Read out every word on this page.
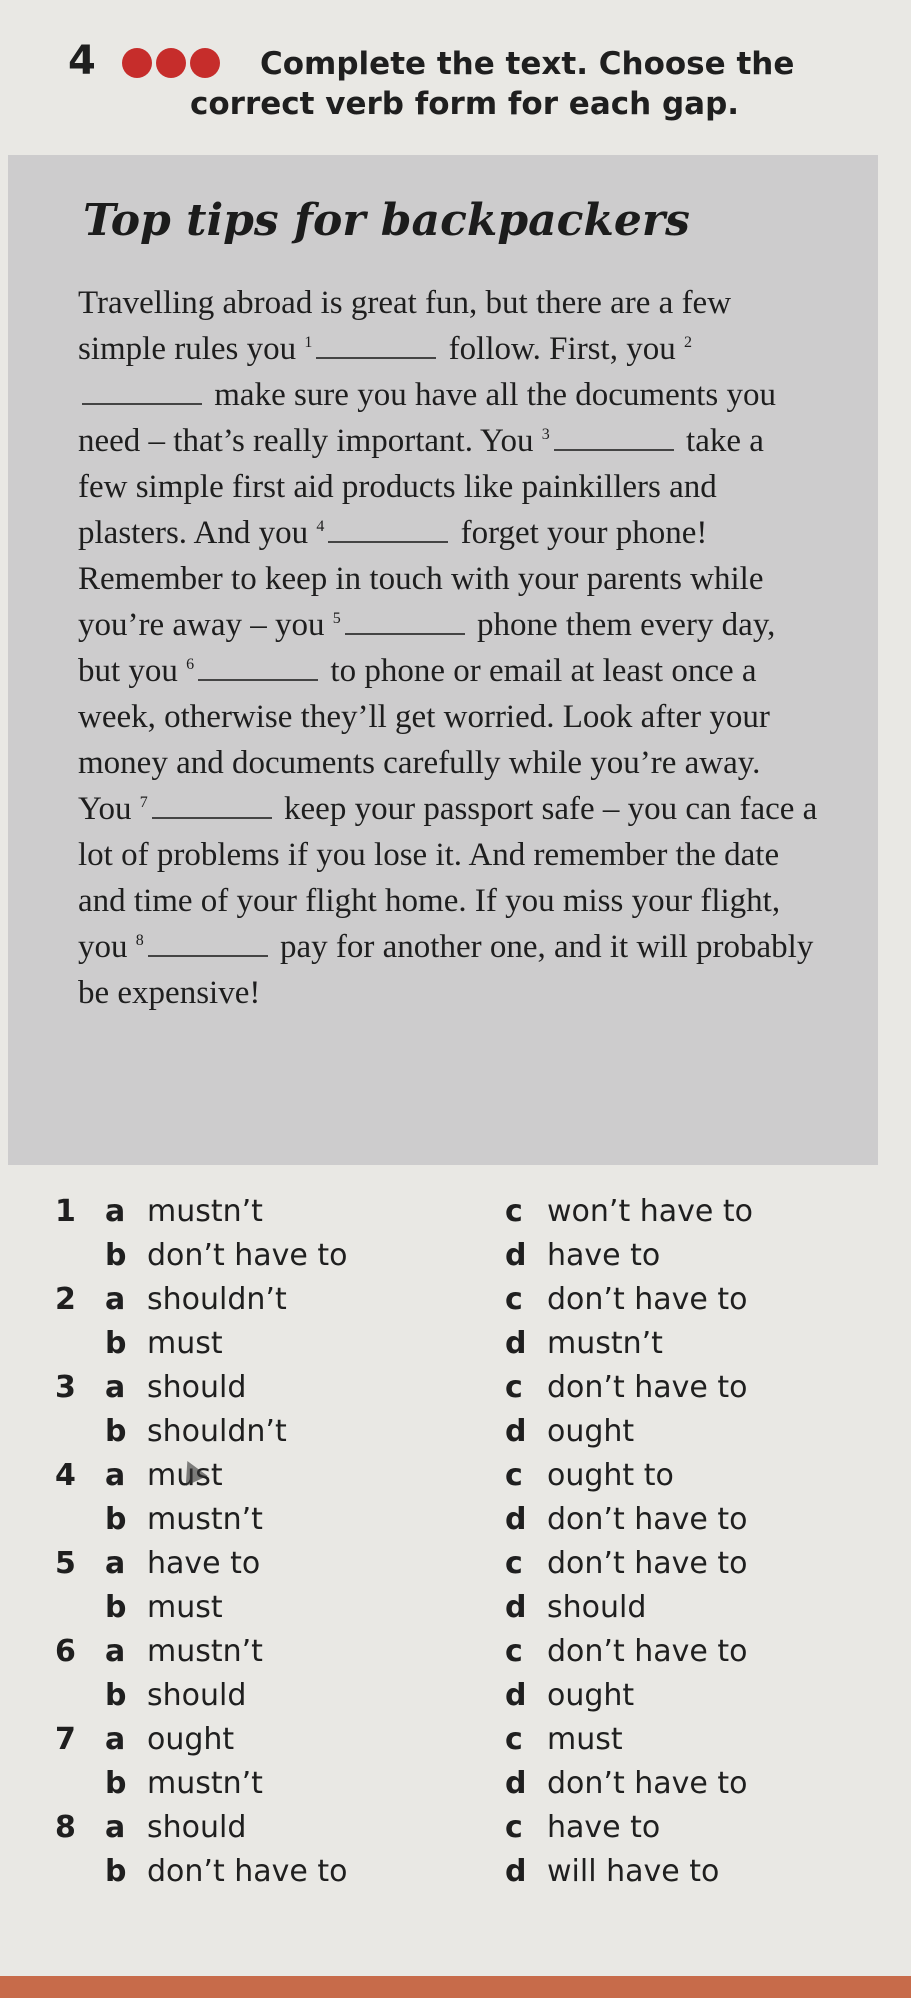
4	Complete the text. Choose the
correct verb form for each gap.
Top tips for backpackers
Travelling abroad is great fun, but there are a few simple rules you $^1$	follow. First, you $^2$ make sure you have all the documents you need – that’s really important. You $^3$	take a few simple first aid products like painkillers and plasters. And you $^4$	forget your phone! Remember to keep in touch with your parents while you’re away – you $^5$	phone them every day, but you $^6$	to phone or email at least once a week, otherwise they’ll get worried. Look after your money and documents carefully while you’re away. You $^7$	keep your passport safe – you can face a lot of problems if you lose it. And remember the date and time of your flight home. If you miss your flight, you $^8$	pay for another one, and it will probably be expensive!
1 a mustn’t	c won’t have to
b don’t have to	d have to
2 a shouldn’t	c don’t have to
b must	d mustn’t
3 a should	c don’t have to
b shouldn’t	d ought
4 a must	c ought to
b mustn’t	d don’t have to
5 a have to	c don’t have to
b must	d should
6 a mustn’t	c don’t have to
b should	d ought
7 a ought	c must
b mustn’t	d don’t have to
8 a should	c have to
b don’t have to	d will have to
